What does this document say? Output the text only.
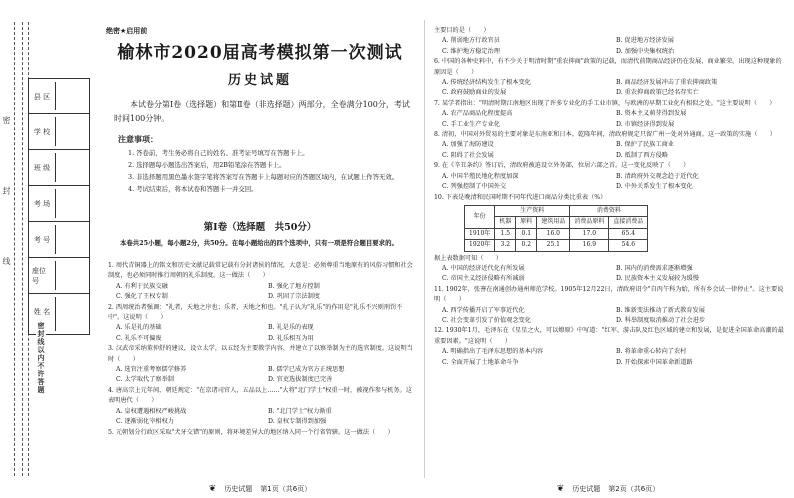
密 封 线
县 区
学 校
班 级
考 场
考 号
座位号
姓 名
密封线以内不许答题
绝密★启用前
榆林市2020届高考模拟第一次测试
历史试题
本试卷分第Ⅰ卷（选择题）和第Ⅱ卷（非选择题）两部分，全卷满分100分，考试时间100分钟。
注意事项：
1. 答卷前，考生务必将自己的姓名、准考证号填写在答题卡上。
2. 选择题每小题选出答案后，用2B铅笔涂在答题卡上。
3. 非选择题用黑色墨水签字笔将答案写在答题卡上每题对应的答题区域内，在试题上作答无效。
4. 考试结束后，将本试卷和答题卡一并交回。
第Ⅰ卷（选择题　共50分）
本卷共25小题，每小题2分，共50分。在每小题给出的四个选项中，只有一项是符合题目要求的。
1. 周代青铜器上的铭文和历史文献记载常记载有分封诸侯的情况，大意是：必须尊重当地原有的风俗习惯和社会制度，也必须同时推行周朝的礼乐制度。这一做法（　　）
A. 有利于民族交融	B. 强化了地方控制
C. 强化了王权专制	D. 巩固了宗法制度
2. 西周统治者强调："礼者，天地之序也；乐者，天地之和也。"孔子认为"礼乐"的作用是"礼乐不兴则刑罚不中"。这说明（　　）
A. 乐是礼的基础	B. 礼是乐的表现
C. 礼乐不可偏废	D. 礼乐相互为用
3. 汉武帝采纳董仲舒的建议，设立太学，以五经为主要教学内容，并建立了以察举制为主的选官制度。这说明当时（　　）
A. 选官注重考察儒学修养	B. 儒学已成为官方正统思想
C. 太学取代了察举制	D. 官吏选拔制度已完善
4. 唐高宗上元年间，朝廷规定："在京诸司官人，五品以上……"大将"北门学士"权重一时，被视作参与机务。这表明唐代（　　）
A. 皇权遭遇相权严峻挑战	B. "北门学士"权力渐重
C. 逐渐弱化宰相权力	D. 皇权专制得到加强
5. 元朝划分行政区采取"犬牙交错"的原则，将环境差异大的地区纳入同一个行省管辖。这一做法（　　）
❦ 历史试题 第1页（共6页）
主要目的是（　　）
A. 削弱地方行政官员	B. 促进地方经济发展
C. 维护地方稳定治理	D. 加强中央集权统治
6. 中国的各种史料中，有不少关于明清时期"重农抑商"政策的记载，而清代前期商品经济仍在发展，商业繁荣。出现这种现象的原因是（　　）
A. 传统经济结构发生了根本变化	B. 商品经济发展冲击了重农抑商政策
C. 政府鼓励商业的发展	D. 重农抑商政策已经名存实亡
7. 某学者指出："明清时期江南地区出现了许多专业化的手工业市镇，与欧洲的早期工业化有相似之处。"这主要说明（　　）
A. 农产品商品化程度提高	B. 资本主义萌芽得到发展
C. 手工业生产专业化	D. 市镇经济得到发展
8. 清初，中国对外贸易的主要对象是东南亚和日本。乾隆年间，清政府规定只留广州一处对外通商。这一政策的实施（　　）
A. 加强了海防建设	B. 保护了民族工商业
C. 阻碍了社会发展	D. 抵制了西方侵略
9. 在《辛丑条约》签订后，清政府被迫设立外务部，位居六部之首。这一变化反映了（　　）
A. 中国半殖民地化程度加深	B. 清政府外交观念趋于近代化
C. 列强控制了中国外交	D. 中外关系发生了根本变化
10. 下表是晚清和民国时期不同年代进口商品分类比重表（%）
年份	生产资料			消费资料	
	机器	原料	建筑用品	消费品原料	直接消费品
1910年	1.5	0.1	16.0	17.0	65.4
1920年	3.2	0.2	25.1	16.9	54.6
据上表数据可知（　　）
A. 中国的经济近代化有所发展	B. 国内的消费需求逐渐增强
C. 帝国主义经济侵略有所减弱	D. 民族资本主义发展较为缓慢
11. 1902年，张謇在南通创办通州师范学校。1905年12月22日，清政府诏令"自丙午科为始，所有乡会试一律停止"。这主要说明（　　）
A. 西学传播开启了军事近代化	B. 维新变法推动了新式教育发展
C. 社会变革引发了价值观念变化	D. 科举制度取消推动了社会进步
12. 1930年1月，毛泽东在《星星之火，可以燎原》中写道："红军、游击队及红色区域的建立和发展，是促进全国革命高潮的最重要因素。"这说明（　　）
A. 明确指出了毛泽东思想的基本内容	B. 将革命重心转向了农村
C. 全面开展了土地革命斗争	D. 开始探索中国革命新道路
❦ 历史试题 第2页（共6页）
